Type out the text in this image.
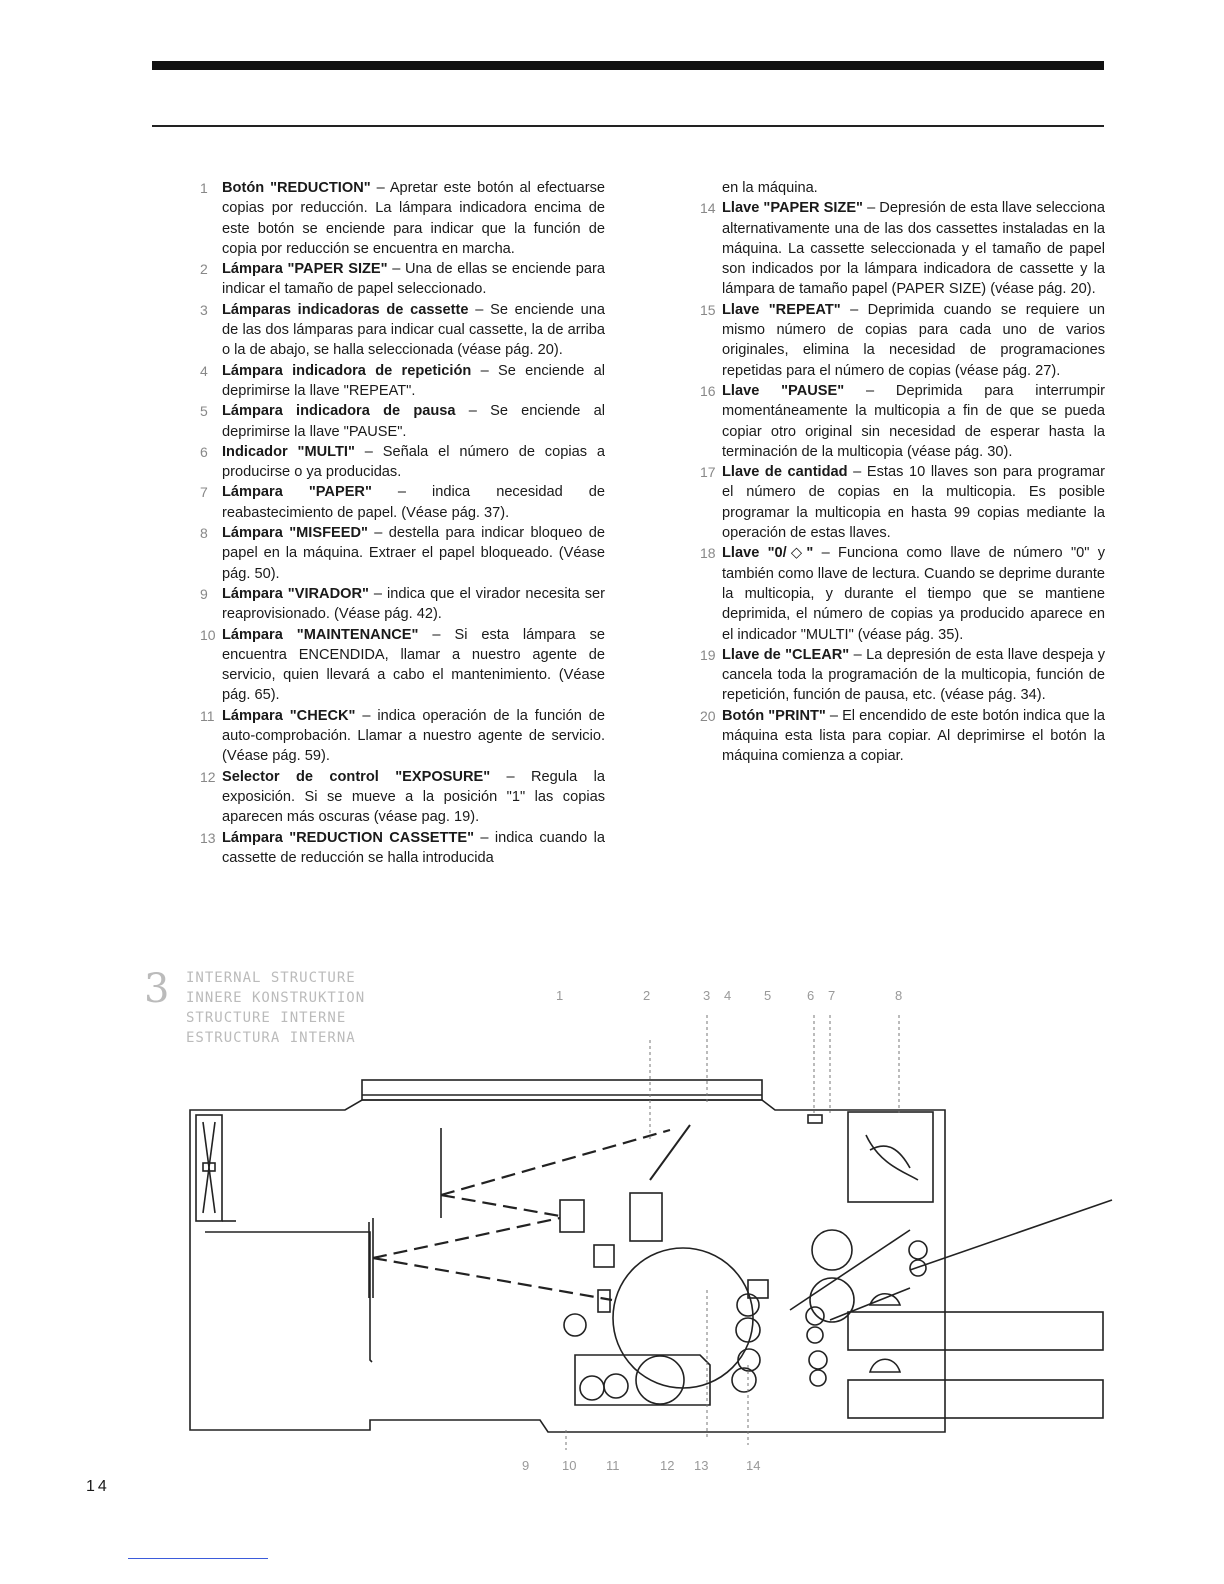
1 Botón "REDUCTION" – Apretar este botón al efectuarse copias por reducción. La lámpara indicadora encima de este botón se enciende para indicar que la función de copia por reducción se encuentra en marcha.
2 Lámpara "PAPER SIZE" – Una de ellas se enciende para indicar el tamaño de papel seleccionado.
3 Lámparas indicadoras de cassette – Se enciende una de las dos lámparas para indicar cual cassette, la de arriba o la de abajo, se halla seleccionada (véase pág. 20).
4 Lámpara indicadora de repetición – Se enciende al deprimirse la llave "REPEAT".
5 Lámpara indicadora de pausa – Se enciende al deprimirse la llave "PAUSE".
6 Indicador "MULTI" – Señala el número de copias a producirse o ya producidas.
7 Lámpara "PAPER" – indica necesidad de reabastecimiento de papel. (Véase pág. 37).
8 Lámpara "MISFEED" – destella para indicar bloqueo de papel en la máquina. Extraer el papel bloqueado. (Véase pág. 50).
9 Lámpara "VIRADOR" – indica que el virador necesita ser reaprovisionado. (Véase pág. 42).
10 Lámpara "MAINTENANCE" – Si esta lámpara se encuentra ENCENDIDA, llamar a nuestro agente de servicio, quien llevará a cabo el mantenimiento. (Véase pág. 65).
11 Lámpara "CHECK" – indica operación de la función de auto-comprobación. Llamar a nuestro agente de servicio. (Véase pág. 59).
12 Selector de control "EXPOSURE" – Regula la exposición. Si se mueve a la posición "1" las copias aparecen más oscuras (véase pag. 19).
13 Lámpara "REDUCTION CASSETTE" – indica cuando la cassette de reducción se halla introducida
en la máquina.
14 Llave "PAPER SIZE" – Depresión de esta llave selecciona alternativamente una de las dos cassettes instaladas en la máquina. La cassette seleccionada y el tamaño de papel son indicados por la lámpara indicadora de cassette y la lámpara de tamaño papel (PAPER SIZE) (véase pág. 20).
15 Llave "REPEAT" – Deprimida cuando se requiere un mismo número de copias para cada uno de varios originales, elimina la necesidad de programaciones repetidas para el número de copias (véase pág. 27).
16 Llave "PAUSE" – Deprimida para interrumpir momentáneamente la multicopia a fin de que se pueda copiar otro original sin necesidad de esperar hasta la terminación de la multicopia (véase pág. 30).
17 Llave de cantidad – Estas 10 llaves son para programar el número de copias en la multicopia. Es posible programar la multicopia en hasta 99 copias mediante la operación de estas llaves.
18 Llave "0/◇" – Funciona como llave de número "0" y también como llave de lectura. Cuando se deprime durante la multicopia, y durante el tiempo que se mantiene deprimida, el número de copias ya producido aparece en el indicador "MULTI" (véase pág. 35).
19 Llave de "CLEAR" – La depresión de esta llave despeja y cancela toda la programación de la multicopia, función de repetición, función de pausa, etc. (véase pág. 34).
20 Botón "PRINT" – El encendido de este botón indica que la máquina esta lista para copiar. Al deprimirse el botón la máquina comienza a copiar.
3	INTERNAL STRUCTURE
INNERE KONSTRUKTION
STRUCTURE INTERNE
ESTRUCTURA INTERNA
1	2	3 4	5	6 7	8
9	10 11	12 13	14
14
